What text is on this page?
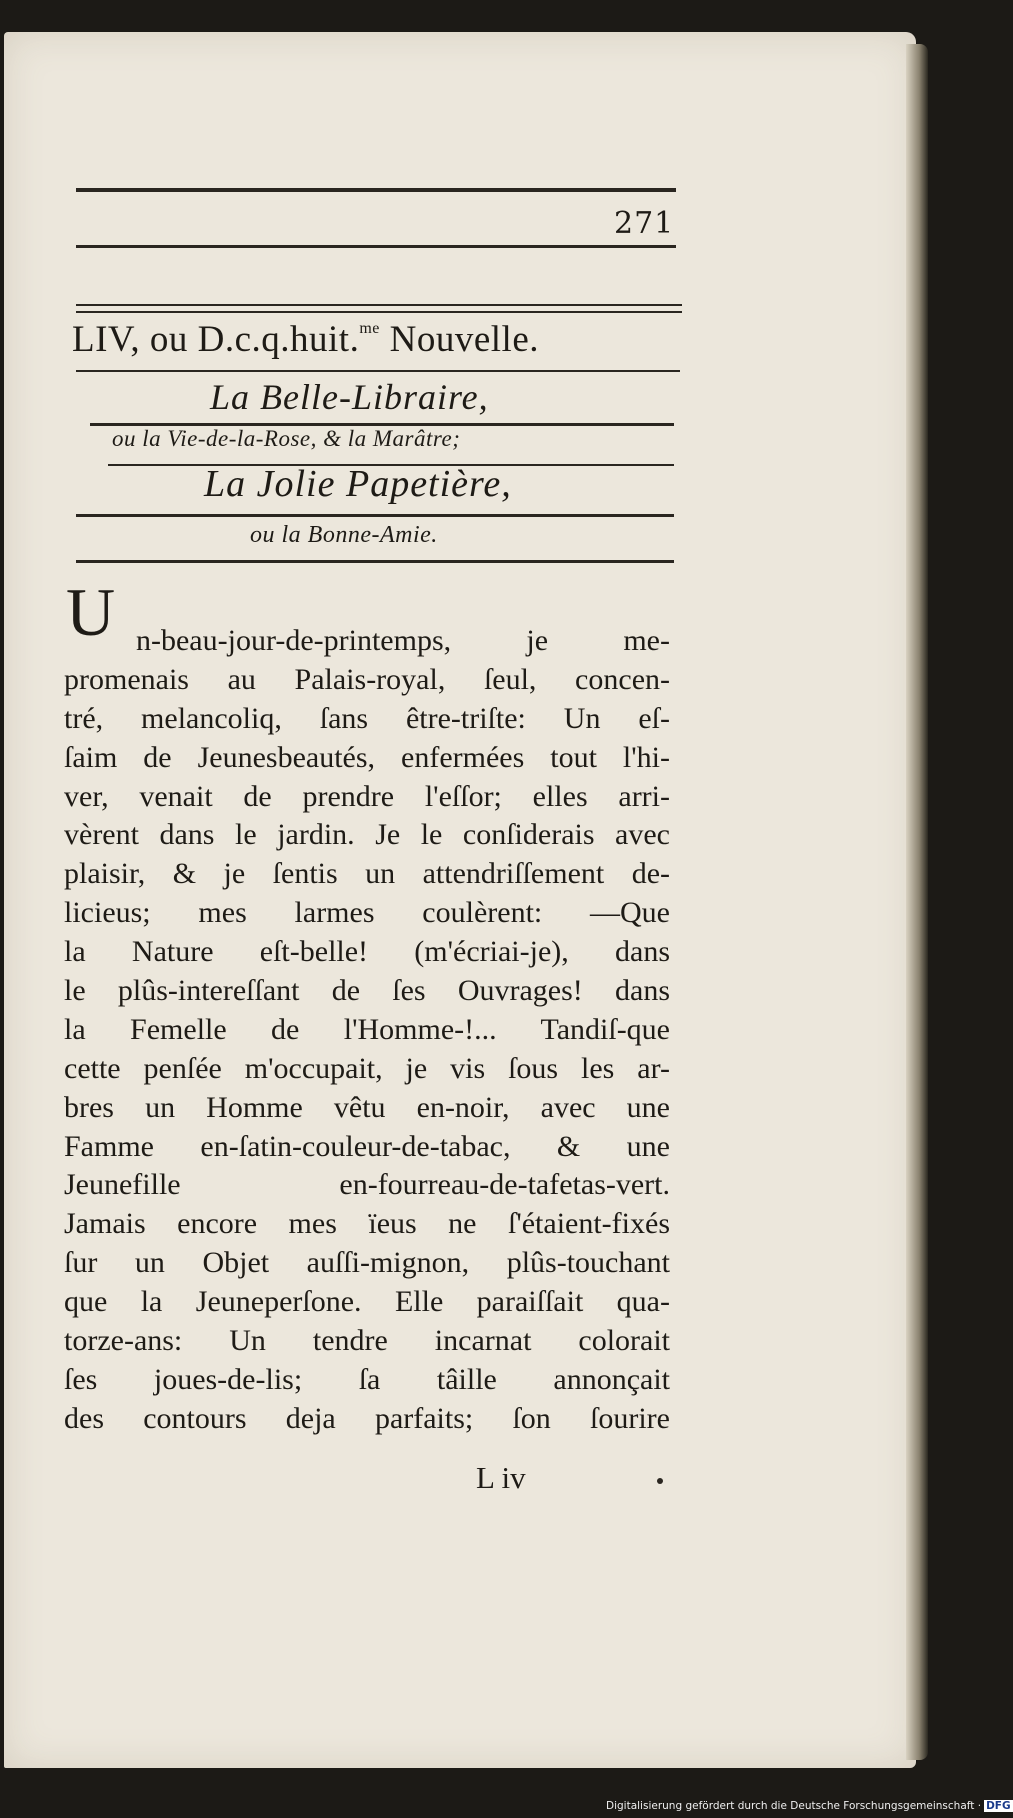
271
LIV, ou D.c.q.huit.$^{me}$ Nouvelle.
La Belle-Libraire,
ou la Vie-de-la-Rose, & la Marâtre;
La Jolie Papetière,
ou la Bonne-Amie.
U n-beau-jour-de-printemps, je me-
promenais au Palais-royal, ſeul, concen-
tré, melancoliq, ſans être-triſte: Un eſ-
ſaim de Jeunesbeautés, enfermées tout l'hi-
ver, venait de prendre l'eſſor; elles arri-
vèrent dans le jardin. Je le conſiderais avec
plaisir, & je ſentis un attendriſſement de-
licieus; mes larmes coulèrent: —Que
la Nature eſt-belle! (m'écriai-je), dans
le plûs-intereſſant de ſes Ouvrages! dans
la Femelle de l'Homme-!... Tandiſ-que
cette penſée m'occupait, je vis ſous les ar-
bres un Homme vêtu en-noir, avec une
Famme en-ſatin-couleur-de-tabac, & une
Jeunefille en-fourreau-de-tafetas-vert.
Jamais encore mes ïeus ne ſ'étaient-fixés
ſur un Objet auſſi-mignon, plûs-touchant
que la Jeuneperſone. Elle paraiſſait qua-
torze-ans: Un tendre incarnat colorait
ſes joues-de-lis; ſa tâille annonçait
des contours deja parfaits; ſon ſourire
L iv
Digitalisierung gefördert durch die Deutsche Forschungsgemeinschaft · DFG
